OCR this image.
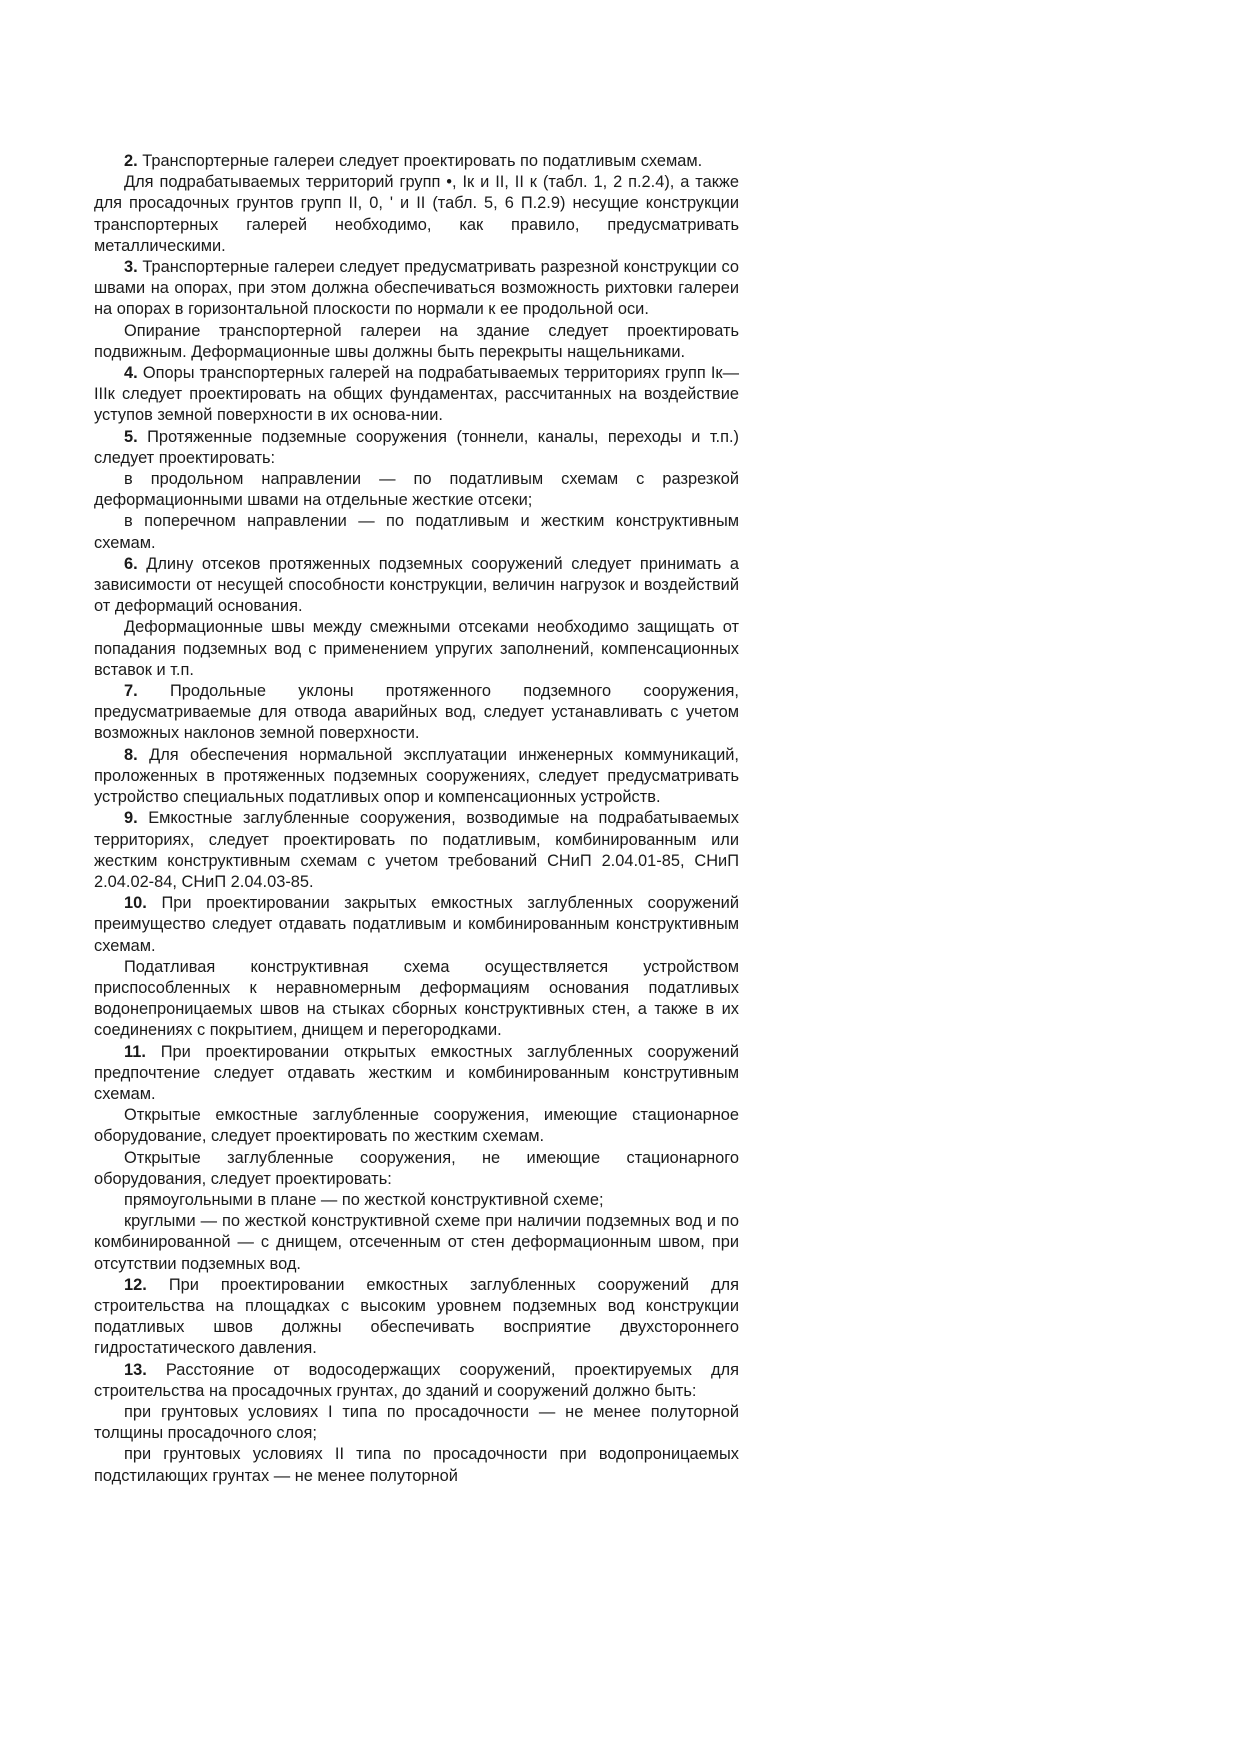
2. Транспортерные галереи следует проектировать по податливым схемам.

Для подрабатываемых территорий групп •, Iк и II, II к (табл. 1, 2 п.2.4), а также для просадочных грунтов групп II, 0, ' и II (табл. 5, 6 П.2.9) несущие конструкции транспортерных галерей необходимо, как правило, предусматривать металлическими.

3. Транспортерные галереи следует предусматривать разрезной конструкции со швами на опорах, при этом должна обеспечиваться возможность рихтовки галереи на опорах в горизонтальной плоскости по нормали к ее продольной оси.

Опирание транспортерной галереи на здание следует проектировать подвижным. Деформационные швы должны быть перекрыты нащельниками.

4. Опоры транспортерных галерей на подрабатываемых территориях групп Iк—IIIк следует проектировать на общих фундаментах, рассчитанных на воздействие уступов земной поверхности в их основа-нии.

5. Протяженные подземные сооружения (тоннели, каналы, переходы и т.п.) следует проектировать:

в продольном направлении — по податливым схемам с разрезкой деформационными швами на отдельные жесткие отсеки;

в поперечном направлении — по податливым и жестким конструктивным схемам.

6. Длину отсеков протяженных подземных сооружений следует принимать а зависимости от несущей способности конструкции, величин нагрузок и воздействий от деформаций основания.

Деформационные швы между смежными отсеками необходимо защищать от попадания подземных вод с применением упругих заполнений, компенсационных вставок и т.п.

7. Продольные уклоны протяженного подземного сооружения, предусматриваемые для отвода аварийных вод, следует устанавливать с учетом возможных наклонов земной поверхности.

8. Для обеспечения нормальной эксплуатации инженерных коммуникаций, проложенных в протяженных подземных сооружениях, следует предусматривать устройство специальных податливых опор и компенсационных устройств.

9. Емкостные заглубленные сооружения, возводимые на подрабатываемых территориях, следует проектировать по податливым, комбинированным или жестким конструктивным схемам с учетом требований СНиП 2.04.01-85, СНиП 2.04.02-84, СНиП 2.04.03-85.

10. При проектировании закрытых емкостных заглубленных сооружений преимущество следует отдавать податливым и комбинированным конструктивным схемам.

Податливая конструктивная схема осуществляется устройством приспособленных к неравномерным деформациям основания податливых водонепроницаемых швов на стыках сборных конструктивных стен, а также в их соединениях с покрытием, днищем и перегородками.

11. При проектировании открытых емкостных заглубленных сооружений предпочтение следует отдавать жестким и комбинированным конструтивным схемам.

Открытые емкостные заглубленные сооружения, имеющие стационарное оборудование, следует проектировать по жестким схемам.

Открытые заглубленные сооружения, не имеющие стационарного оборудования, следует проектировать:

прямоугольными в плане — по жесткой конструктивной схеме;

круглыми — по жесткой конструктивной схеме при наличии подземных вод и по комбинированной — с днищем, отсеченным от стен деформационным швом, при отсутствии подземных вод.

12. При проектировании емкостных заглубленных сооружений для строительства на площадках с высоким уровнем подземных вод конструкции податливых швов должны обеспечивать восприятие двухстороннего гидростатического давления.

13. Расстояние от водосодержащих сооружений, проектируемых для строительства на просадочных грунтах, до зданий и сооружений должно быть:

при грунтовых условиях I типа по просадочности — не менее полуторной толщины просадочного слоя;

при грунтовых условиях II типа по просадочности при водопроницаемых подстилающих грунтах — не менее полуторной
